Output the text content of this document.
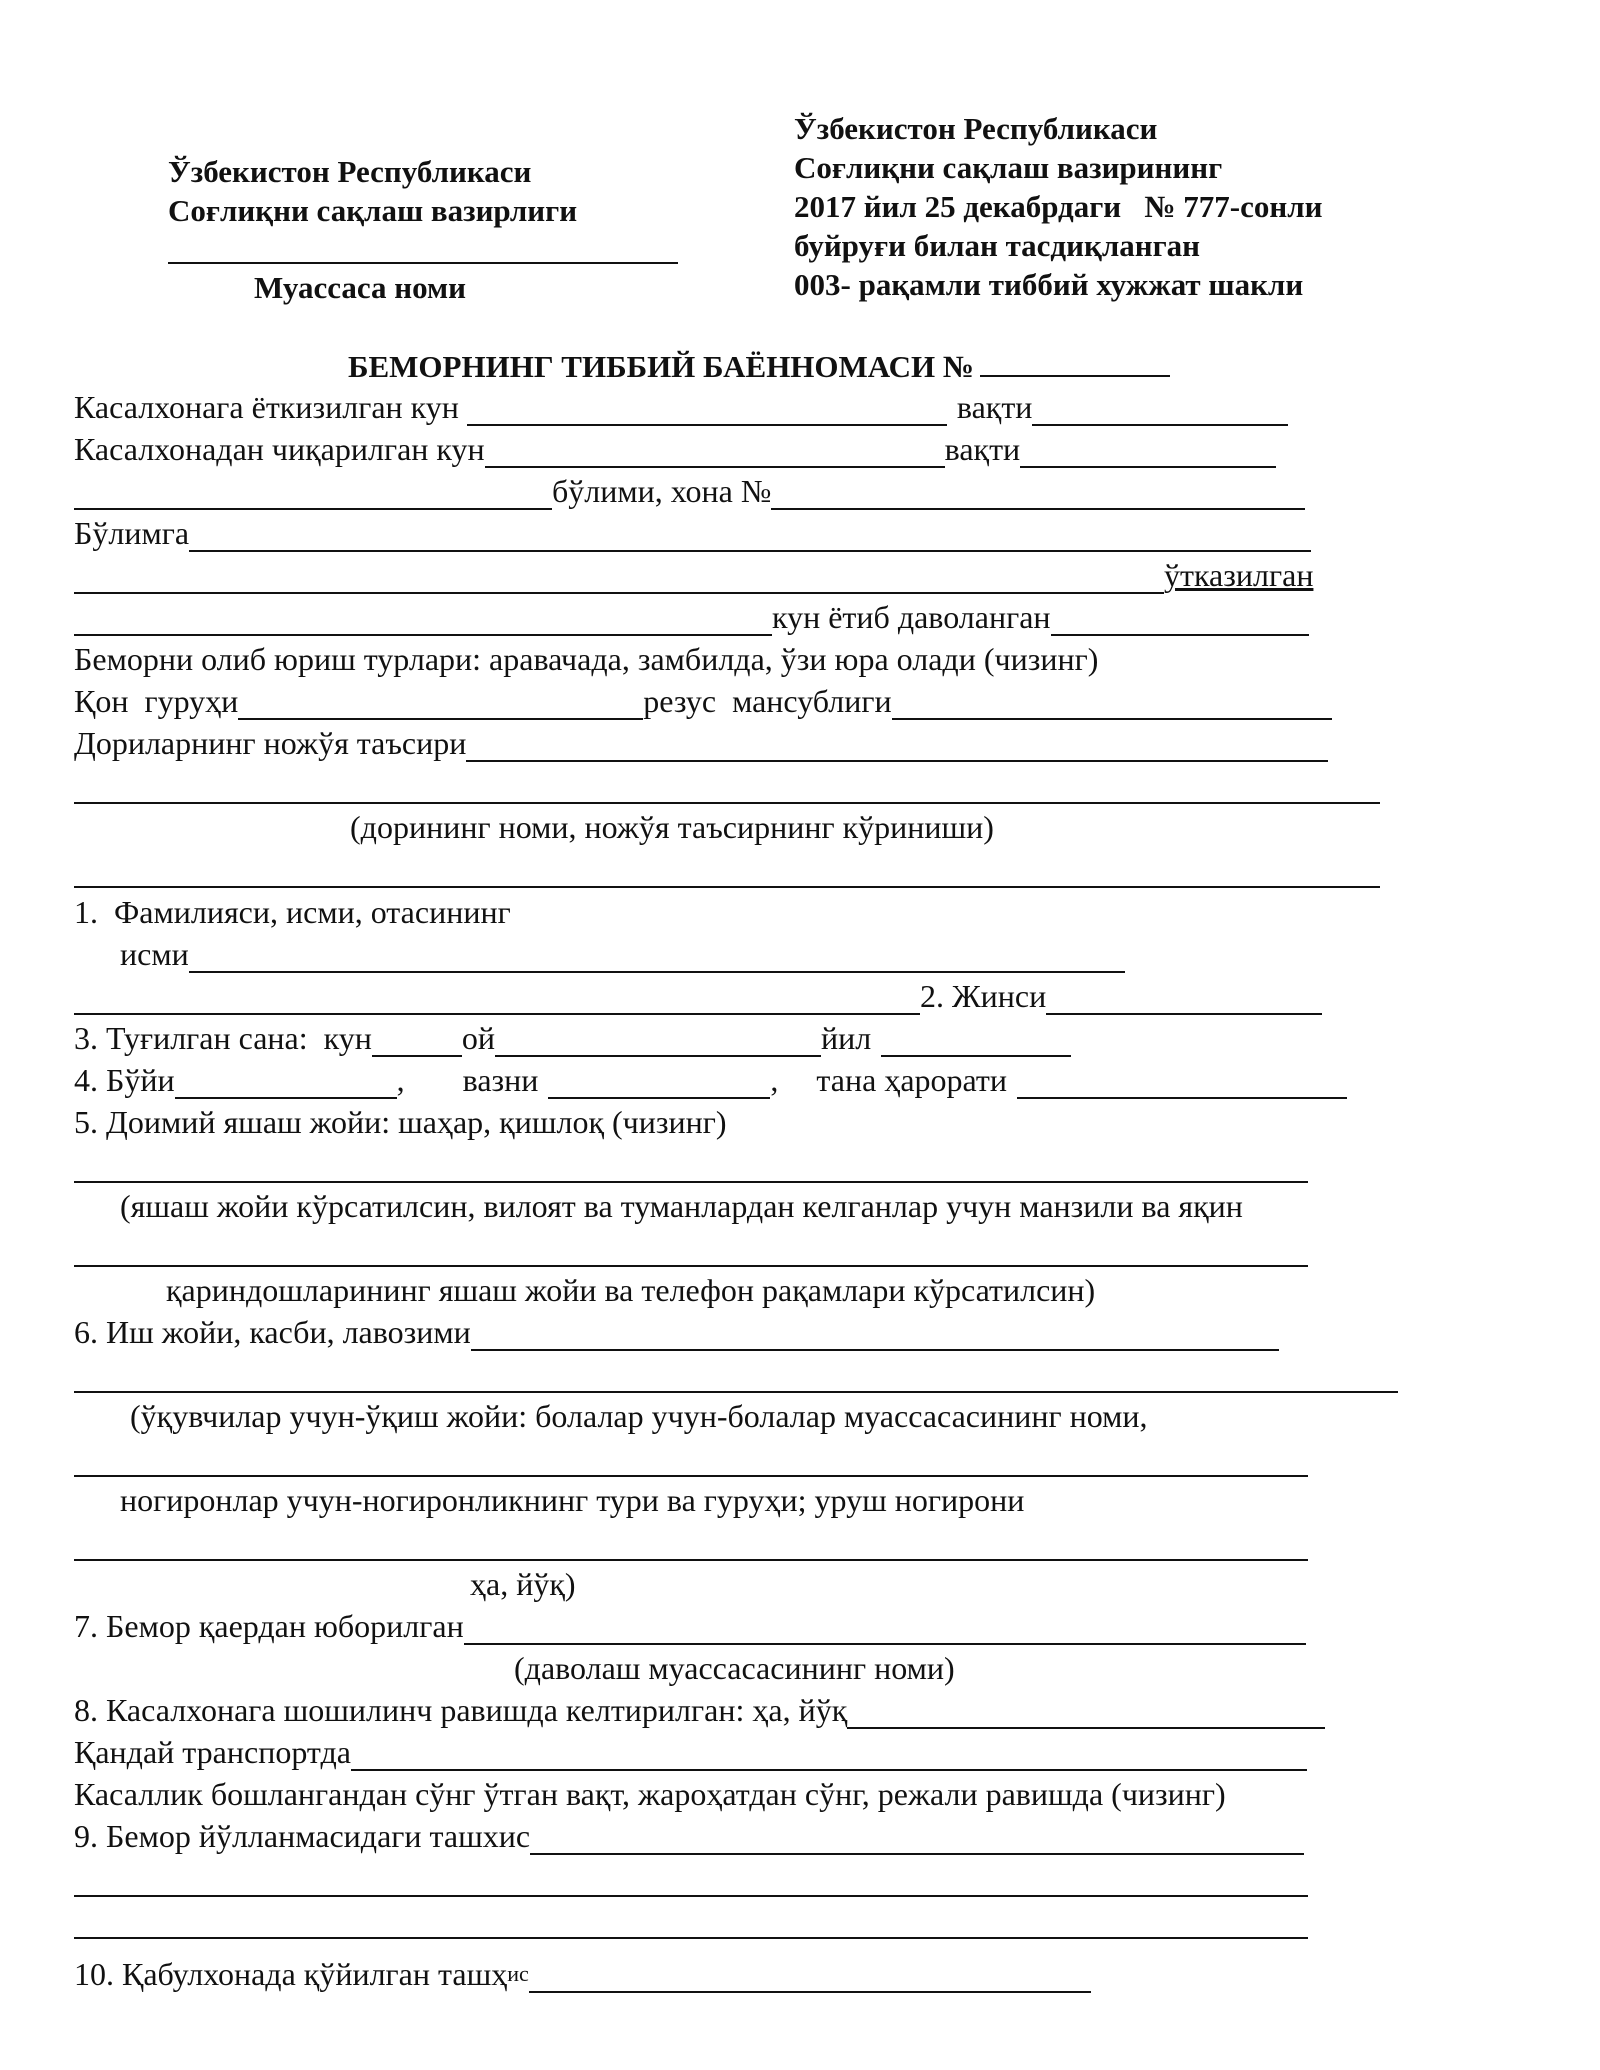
Ўзбекистон Республикаси
Соғлиқни сақлаш вазирлиги
Муассаса номи
Ўзбекистон Республикаси
Соғлиқни сақлаш вазирининг
2017 йил 25 декабрдаги   № 777-сонли
буйруғи билан тасдиқланган
003- рақамли тиббий хужжат шакли
БЕМОРНИНГ ТИББИЙ БАЁННОМАСИ №
Касалхонага ёткизилган кун	вақти
Касалхонадан чиқарилган кун	вақти
бўлими, хона №
Бўлимга
ўтказилган
кун ётиб даволанган
Беморни олиб юриш турлари: аравачада, замбилда, ўзи юра олади (чизинг)
Қон  гуруҳи	резус  мансублиги
Дориларнинг ножўя таъсири
(дорининг номи, ножўя таъсирнинг кўриниши)
1.  Фамилияси, исми, отасининг
исми
2. Жинси
3. Туғилган сана:  кун	ой	йил
4. Бўйи	, вазни	, тана ҳарорати
5. Доимий яшаш жойи: шаҳар, қишлоқ (чизинг)
(яшаш жойи кўрсатилсин, вилоят ва туманлардан келганлар учун манзили ва яқин
қариндошларининг яшаш жойи ва телефон рақамлари кўрсатилсин)
6. Иш жойи, касби, лавозими
(ўқувчилар учун-ўқиш жойи: болалар учун-болалар муассасасининг номи,
ногиронлар учун-ногиронликнинг тури ва гуруҳи; уруш ногирони
ҳа, йўқ)
7. Бемор қаердан юборилган
(даволаш муассасасининг номи)
8. Касалхонага шошилинч равишда келтирилган: ҳа, йўқ
Қандай транспортда
Касаллик бошлангандан сўнг ўтган вақт, жароҳатдан сўнг, режали равишда (чизинг)
9. Бемор йўлланмасидаги ташхис
10. Қабулхонада қўйилган ташҳ ис
